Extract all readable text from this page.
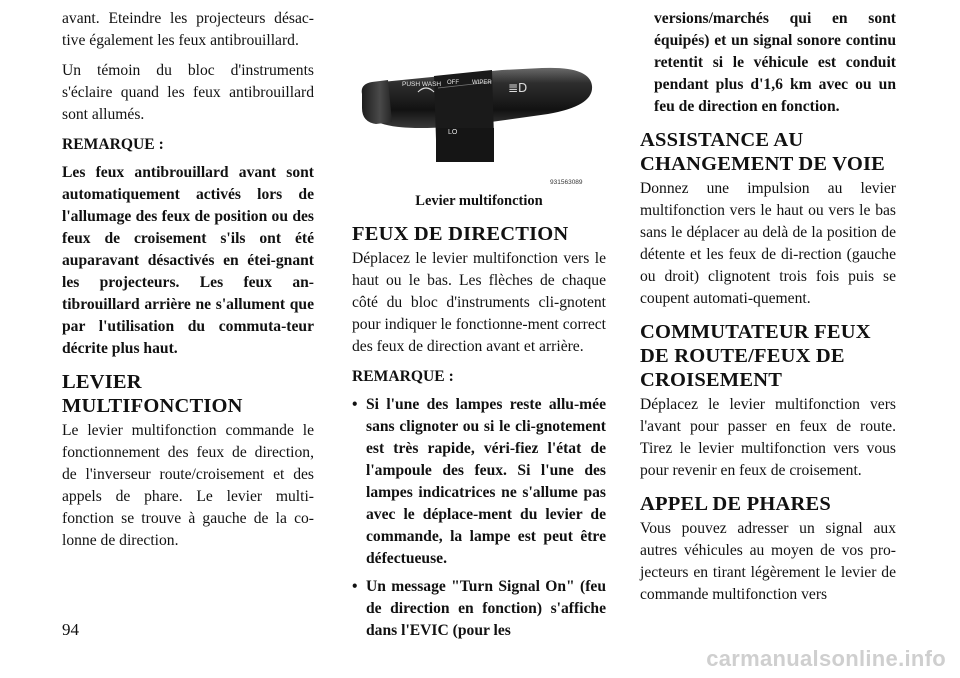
avant. Eteindre les projecteurs désac-tive également les feux antibrouillard.

Un témoin du bloc d'instruments s'éclaire quand les feux antibrouillard sont allumés.

REMARQUE :

Les feux antibrouillard avant sont automatiquement activés lors de l'allumage des feux de position ou des feux de croisement s'ils ont été auparavant désactivés en étei-gnant les projecteurs. Les feux an-tibrouillard arrière ne s'allument que par l'utilisation du commuta-teur décrite plus haut.

LEVIER MULTIFONCTION

Le levier multifonction commande le fonctionnement des feux de direction, de l'inverseur route/croisement et des appels de phare. Le levier multi-fonction se trouve à gauche de la co-lonne de direction.

PUSH WASH OFF WIPER
LO
≣D
931563089

Levier multifonction

FEUX DE DIRECTION

Déplacez le levier multifonction vers le haut ou le bas. Les flèches de chaque côté du bloc d'instruments cli-gnotent pour indiquer le fonctionne-ment correct des feux de direction avant et arrière.

REMARQUE :

• Si l'une des lampes reste allu-mée sans clignoter ou si le cli-gnotement est très rapide, véri-fiez l'état de l'ampoule des feux. Si l'une des lampes indicatrices ne s'allume pas avec le déplace-ment du levier de commande, la lampe est peut être défectueuse.
• Un message "Turn Signal On" (feu de direction en fonction) s'affiche dans l'EVIC (pour les

versions/marchés qui en sont équipés) et un signal sonore continu retentit si le véhicule est conduit pendant plus d'1,6 km avec ou un feu de direction en fonction.

ASSISTANCE AU CHANGEMENT DE VOIE

Donnez une impulsion au levier multifonction vers le haut ou vers le bas sans le déplacer au delà de la position de détente et les feux de di-rection (gauche ou droit) clignotent trois fois puis se coupent automati-quement.

COMMUTATEUR FEUX DE ROUTE/FEUX DE CROISEMENT

Déplacez le levier multifonction vers l'avant pour passer en feux de route. Tirez le levier multifonction vers vous pour revenir en feux de croisement.

APPEL DE PHARES

Vous pouvez adresser un signal aux autres véhicules au moyen de vos pro-jecteurs en tirant légèrement le levier de commande multifonction vers

94
carmanualsonline.info
